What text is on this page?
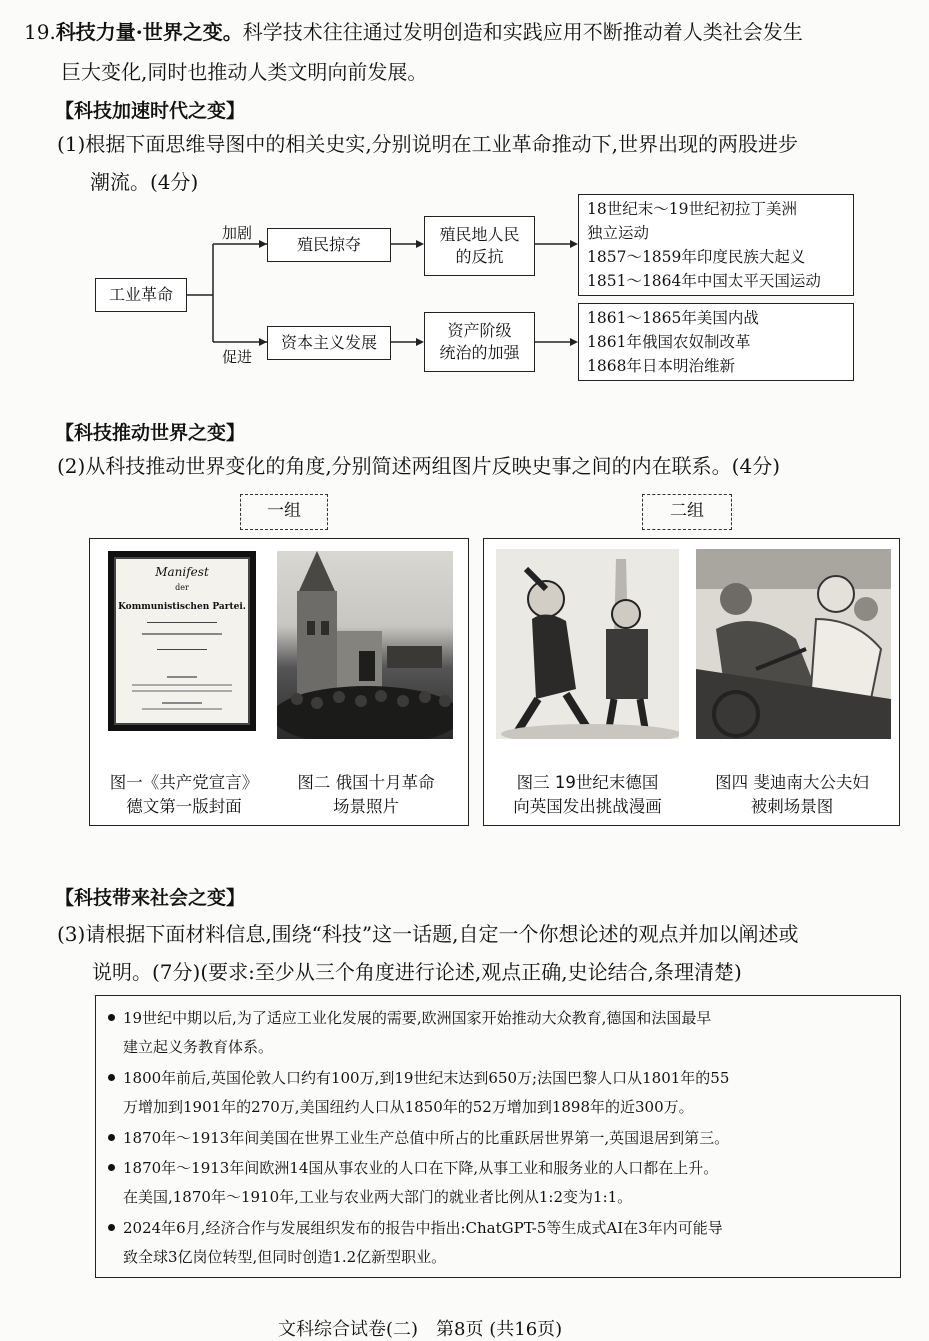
19.科技力量·世界之变。科学技术往往通过发明创造和实践应用不断推动着人类社会发生
巨大变化,同时也推动人类文明向前发展。
【科技加速时代之变】
(1)根据下面思维导图中的相关史实,分别说明在工业革命推动下,世界出现的两股进步
潮流。(4分)
工业革命
加剧
促进
殖民掠夺
殖民地人民
的反抗
18世纪末～19世纪初拉丁美洲
独立运动
1857～1859年印度民族大起义
1851～1864年中国太平天国运动
资本主义发展
资产阶级
统治的加强
1861～1865年美国内战
1861年俄国农奴制改革
1868年日本明治维新
【科技推动世界之变】
(2)从科技推动世界变化的角度,分别简述两组图片反映史事之间的内在联系。(4分)
一组	二组
Manifest
der
Kommunistischen Partei.
图一《共产党宣言》
德文第一版封面
图二 俄国十月革命
场景照片
图三 19世纪末德国
向英国发出挑战漫画
图四 斐迪南大公夫妇
被刺场景图
【科技带来社会之变】
(3)请根据下面材料信息,围绕“科技”这一话题,自定一个你想论述的观点并加以阐述或
说明。(7分)(要求:至少从三个角度进行论述,观点正确,史论结合,条理清楚)
19世纪中期以后,为了适应工业化发展的需要,欧洲国家开始推动大众教育,德国和法国最早
建立起义务教育体系。
1800年前后,英国伦敦人口约有100万,到19世纪末达到650万;法国巴黎人口从1801年的55
万增加到1901年的270万,美国纽约人口从1850年的52万增加到1898年的近300万。
1870年～1913年间美国在世界工业生产总值中所占的比重跃居世界第一,英国退居到第三。
1870年～1913年间欧洲14国从事农业的人口在下降,从事工业和服务业的人口都在上升。
在美国,1870年～1910年,工业与农业两大部门的就业者比例从1:2变为1:1。
2024年6月,经济合作与发展组织发布的报告中指出:ChatGPT-5等生成式AI在3年内可能导
致全球3亿岗位转型,但同时创造1.2亿新型职业。
文科综合试卷(二)　第8页 (共16页)
